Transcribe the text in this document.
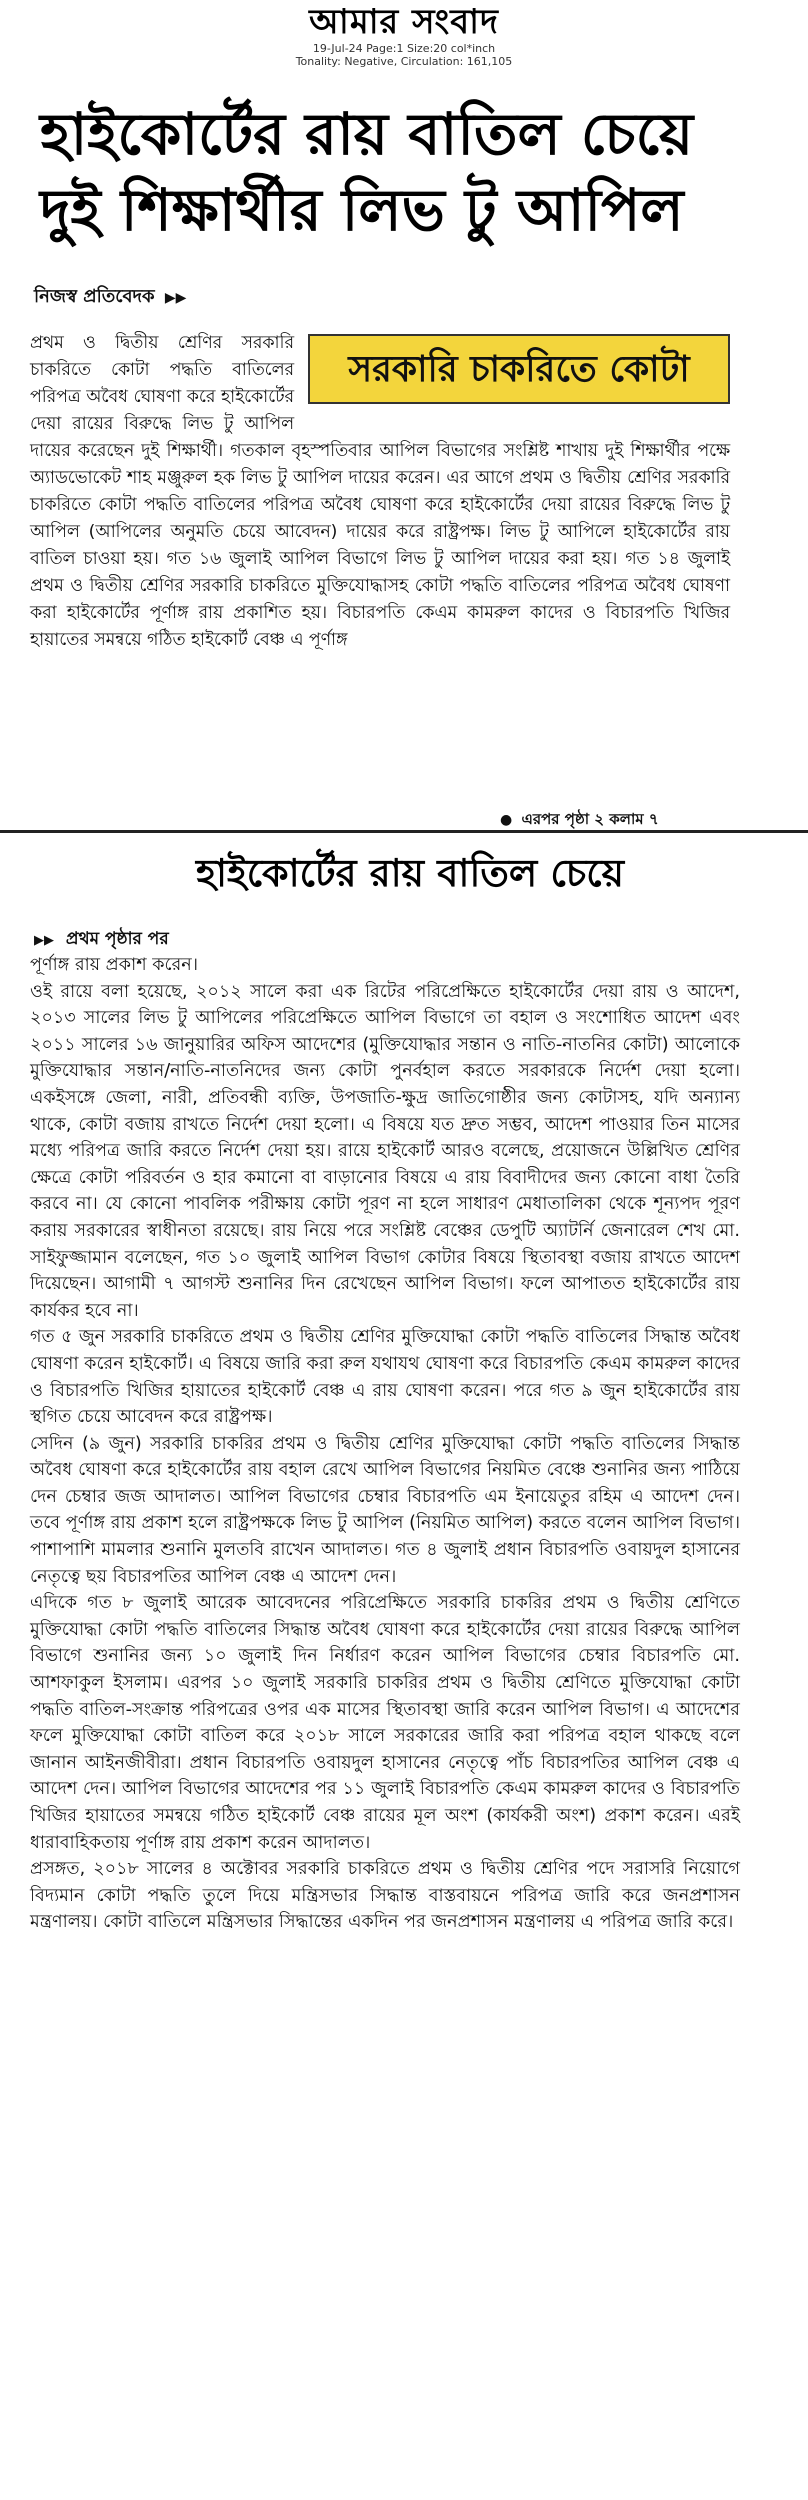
আমার সংবাদ
19-Jul-24 Page:1 Size:20 col*inch
Tonality: Negative, Circulation: 161,105
হাইকোর্টের রায় বাতিল চেয়ে
দুই শিক্ষার্থীর লিভ টু আপিল
নিজস্ব প্রতিবেদক ▶▶
সরকারি চাকরিতে কোটা
প্রথম ও দ্বিতীয় শ্রেণির সরকারি চাকরিতে কোটা পদ্ধতি বাতিলের পরিপত্র অবৈধ ঘোষণা করে হাইকোর্টের দেয়া রায়ের বিরুদ্ধে লিভ টু আপিল দায়ের করেছেন দুই শিক্ষার্থী। গতকাল বৃহস্পতিবার আপিল বিভাগের সংশ্লিষ্ট শাখায় দুই শিক্ষার্থীর পক্ষে অ্যাডভোকেট শাহ মঞ্জুরুল হক লিভ টু আপিল দায়ের করেন। এর আগে প্রথম ও দ্বিতীয় শ্রেণির সরকারি চাকরিতে কোটা পদ্ধতি বাতিলের পরিপত্র অবৈধ ঘোষণা করে হাইকোর্টের দেয়া রায়ের বিরুদ্ধে লিভ টু আপিল (আপিলের অনুমতি চেয়ে আবেদন) দায়ের করে রাষ্ট্রপক্ষ। লিভ টু আপিলে হাইকোর্টের রায় বাতিল চাওয়া হয়। গত ১৬ জুলাই আপিল বিভাগে লিভ টু আপিল দায়ের করা হয়। গত ১৪ জুলাই প্রথম ও দ্বিতীয় শ্রেণির সরকারি চাকরিতে মুক্তিযোদ্ধাসহ কোটা পদ্ধতি বাতিলের পরিপত্র অবৈধ ঘোষণা করা হাইকোর্টের পূর্ণাঙ্গ রায় প্রকাশিত হয়। বিচারপতি কেএম কামরুল কাদের ও বিচারপতি খিজির হায়াতের সমন্বয়ে গঠিত হাইকোর্ট বেঞ্চ এ পূর্ণাঙ্গ
● এরপর পৃষ্ঠা ২ কলাম ৭
হাইকোর্টের রায় বাতিল চেয়ে
▶▶ প্রথম পৃষ্ঠার পর

পূর্ণাঙ্গ রায় প্রকাশ করেন।

ওই রায়ে বলা হয়েছে, ২০১২ সালে করা এক রিটের পরিপ্রেক্ষিতে হাইকোর্টের দেয়া রায় ও আদেশ, ২০১৩ সালের লিভ টু আপিলের পরিপ্রেক্ষিতে আপিল বিভাগে তা বহাল ও সংশোধিত আদেশ এবং ২০১১ সালের ১৬ জানুয়ারির অফিস আদেশের (মুক্তিযোদ্ধার সন্তান ও নাতি-নাতনির কোটা) আলোকে মুক্তিযোদ্ধার সন্তান/নাতি-নাতনিদের জন্য কোটা পুনর্বহাল করতে সরকারকে নির্দেশ দেয়া হলো। একইসঙ্গে জেলা, নারী, প্রতিবন্ধী ব্যক্তি, উপজাতি-ক্ষুদ্র জাতিগোষ্ঠীর জন্য কোটাসহ, যদি অন্যান্য থাকে, কোটা বজায় রাখতে নির্দেশ দেয়া হলো। এ বিষয়ে যত দ্রুত সম্ভব, আদেশ পাওয়ার তিন মাসের মধ্যে পরিপত্র জারি করতে নির্দেশ দেয়া হয়। রায়ে হাইকোর্ট আরও বলেছে, প্রয়োজনে উল্লিখিত শ্রেণির ক্ষেত্রে কোটা পরিবর্তন ও হার কমানো বা বাড়ানোর বিষয়ে এ রায় বিবাদীদের জন্য কোনো বাধা তৈরি করবে না। যে কোনো পাবলিক পরীক্ষায় কোটা পূরণ না হলে সাধারণ মেধাতালিকা থেকে শূন্যপদ পূরণ করায় সরকারের স্বাধীনতা রয়েছে। রায় নিয়ে পরে সংশ্লিষ্ট বেঞ্চের ডেপুটি অ্যাটর্নি জেনারেল শেখ মো. সাইফুজ্জামান বলেছেন, গত ১০ জুলাই আপিল বিভাগ কোটার বিষয়ে স্থিতাবস্থা বজায় রাখতে আদেশ দিয়েছেন। আগামী ৭ আগস্ট শুনানির দিন রেখেছেন আপিল বিভাগ। ফলে আপাতত হাইকোর্টের রায় কার্যকর হবে না।

গত ৫ জুন সরকারি চাকরিতে প্রথম ও দ্বিতীয় শ্রেণির মুক্তিযোদ্ধা কোটা পদ্ধতি বাতিলের সিদ্ধান্ত অবৈধ ঘোষণা করেন হাইকোর্ট। এ বিষয়ে জারি করা রুল যথাযথ ঘোষণা করে বিচারপতি কেএম কামরুল কাদের ও বিচারপতি খিজির হায়াতের হাইকোর্ট বেঞ্চ এ রায় ঘোষণা করেন। পরে গত ৯ জুন হাইকোর্টের রায় স্থগিত চেয়ে আবেদন করে রাষ্ট্রপক্ষ।

সেদিন (৯ জুন) সরকারি চাকরির প্রথম ও দ্বিতীয় শ্রেণির মুক্তিযোদ্ধা কোটা পদ্ধতি বাতিলের সিদ্ধান্ত অবৈধ ঘোষণা করে হাইকোর্টের রায় বহাল রেখে আপিল বিভাগের নিয়মিত বেঞ্চে শুনানির জন্য পাঠিয়ে দেন চেম্বার জজ আদালত। আপিল বিভাগের চেম্বার বিচারপতি এম ইনায়েতুর রহিম এ আদেশ দেন। তবে পূর্ণাঙ্গ রায় প্রকাশ হলে রাষ্ট্রপক্ষকে লিভ টু আপিল (নিয়মিত আপিল) করতে বলেন আপিল বিভাগ। পাশাপাশি মামলার শুনানি মুলতবি রাখেন আদালত। গত ৪ জুলাই প্রধান বিচারপতি ওবায়দুল হাসানের নেতৃত্বে ছয় বিচারপতির আপিল বেঞ্চ এ আদেশ দেন।

এদিকে গত ৮ জুলাই আরেক আবেদনের পরিপ্রেক্ষিতে সরকারি চাকরির প্রথম ও দ্বিতীয় শ্রেণিতে মুক্তিযোদ্ধা কোটা পদ্ধতি বাতিলের সিদ্ধান্ত অবৈধ ঘোষণা করে হাইকোর্টের দেয়া রায়ের বিরুদ্ধে আপিল বিভাগে শুনানির জন্য ১০ জুলাই দিন নির্ধারণ করেন আপিল বিভাগের চেম্বার বিচারপতি মো. আশফাকুল ইসলাম। এরপর ১০ জুলাই সরকারি চাকরির প্রথম ও দ্বিতীয় শ্রেণিতে মুক্তিযোদ্ধা কোটা পদ্ধতি বাতিল-সংক্রান্ত পরিপত্রের ওপর এক মাসের স্থিতাবস্থা জারি করেন আপিল বিভাগ। এ আদেশের ফলে মুক্তিযোদ্ধা কোটা বাতিল করে ২০১৮ সালে সরকারের জারি করা পরিপত্র বহাল থাকছে বলে জানান আইনজীবীরা। প্রধান বিচারপতি ওবায়দুল হাসানের নেতৃত্বে পাঁচ বিচারপতির আপিল বেঞ্চ এ আদেশ দেন। আপিল বিভাগের আদেশের পর ১১ জুলাই বিচারপতি কেএম কামরুল কাদের ও বিচারপতি খিজির হায়াতের সমন্বয়ে গঠিত হাইকোর্ট বেঞ্চ রায়ের মূল অংশ (কার্যকরী অংশ) প্রকাশ করেন। এরই ধারাবাহিকতায় পূর্ণাঙ্গ রায় প্রকাশ করেন আদালত।

প্রসঙ্গত, ২০১৮ সালের ৪ অক্টোবর সরকারি চাকরিতে প্রথম ও দ্বিতীয় শ্রেণির পদে সরাসরি নিয়োগে বিদ্যমান কোটা পদ্ধতি তুলে দিয়ে মন্ত্রিসভার সিদ্ধান্ত বাস্তবায়নে পরিপত্র জারি করে জনপ্রশাসন মন্ত্রণালয়। কোটা বাতিলে মন্ত্রিসভার সিদ্ধান্তের একদিন পর জনপ্রশাসন মন্ত্রণালয় এ পরিপত্র জারি করে।
